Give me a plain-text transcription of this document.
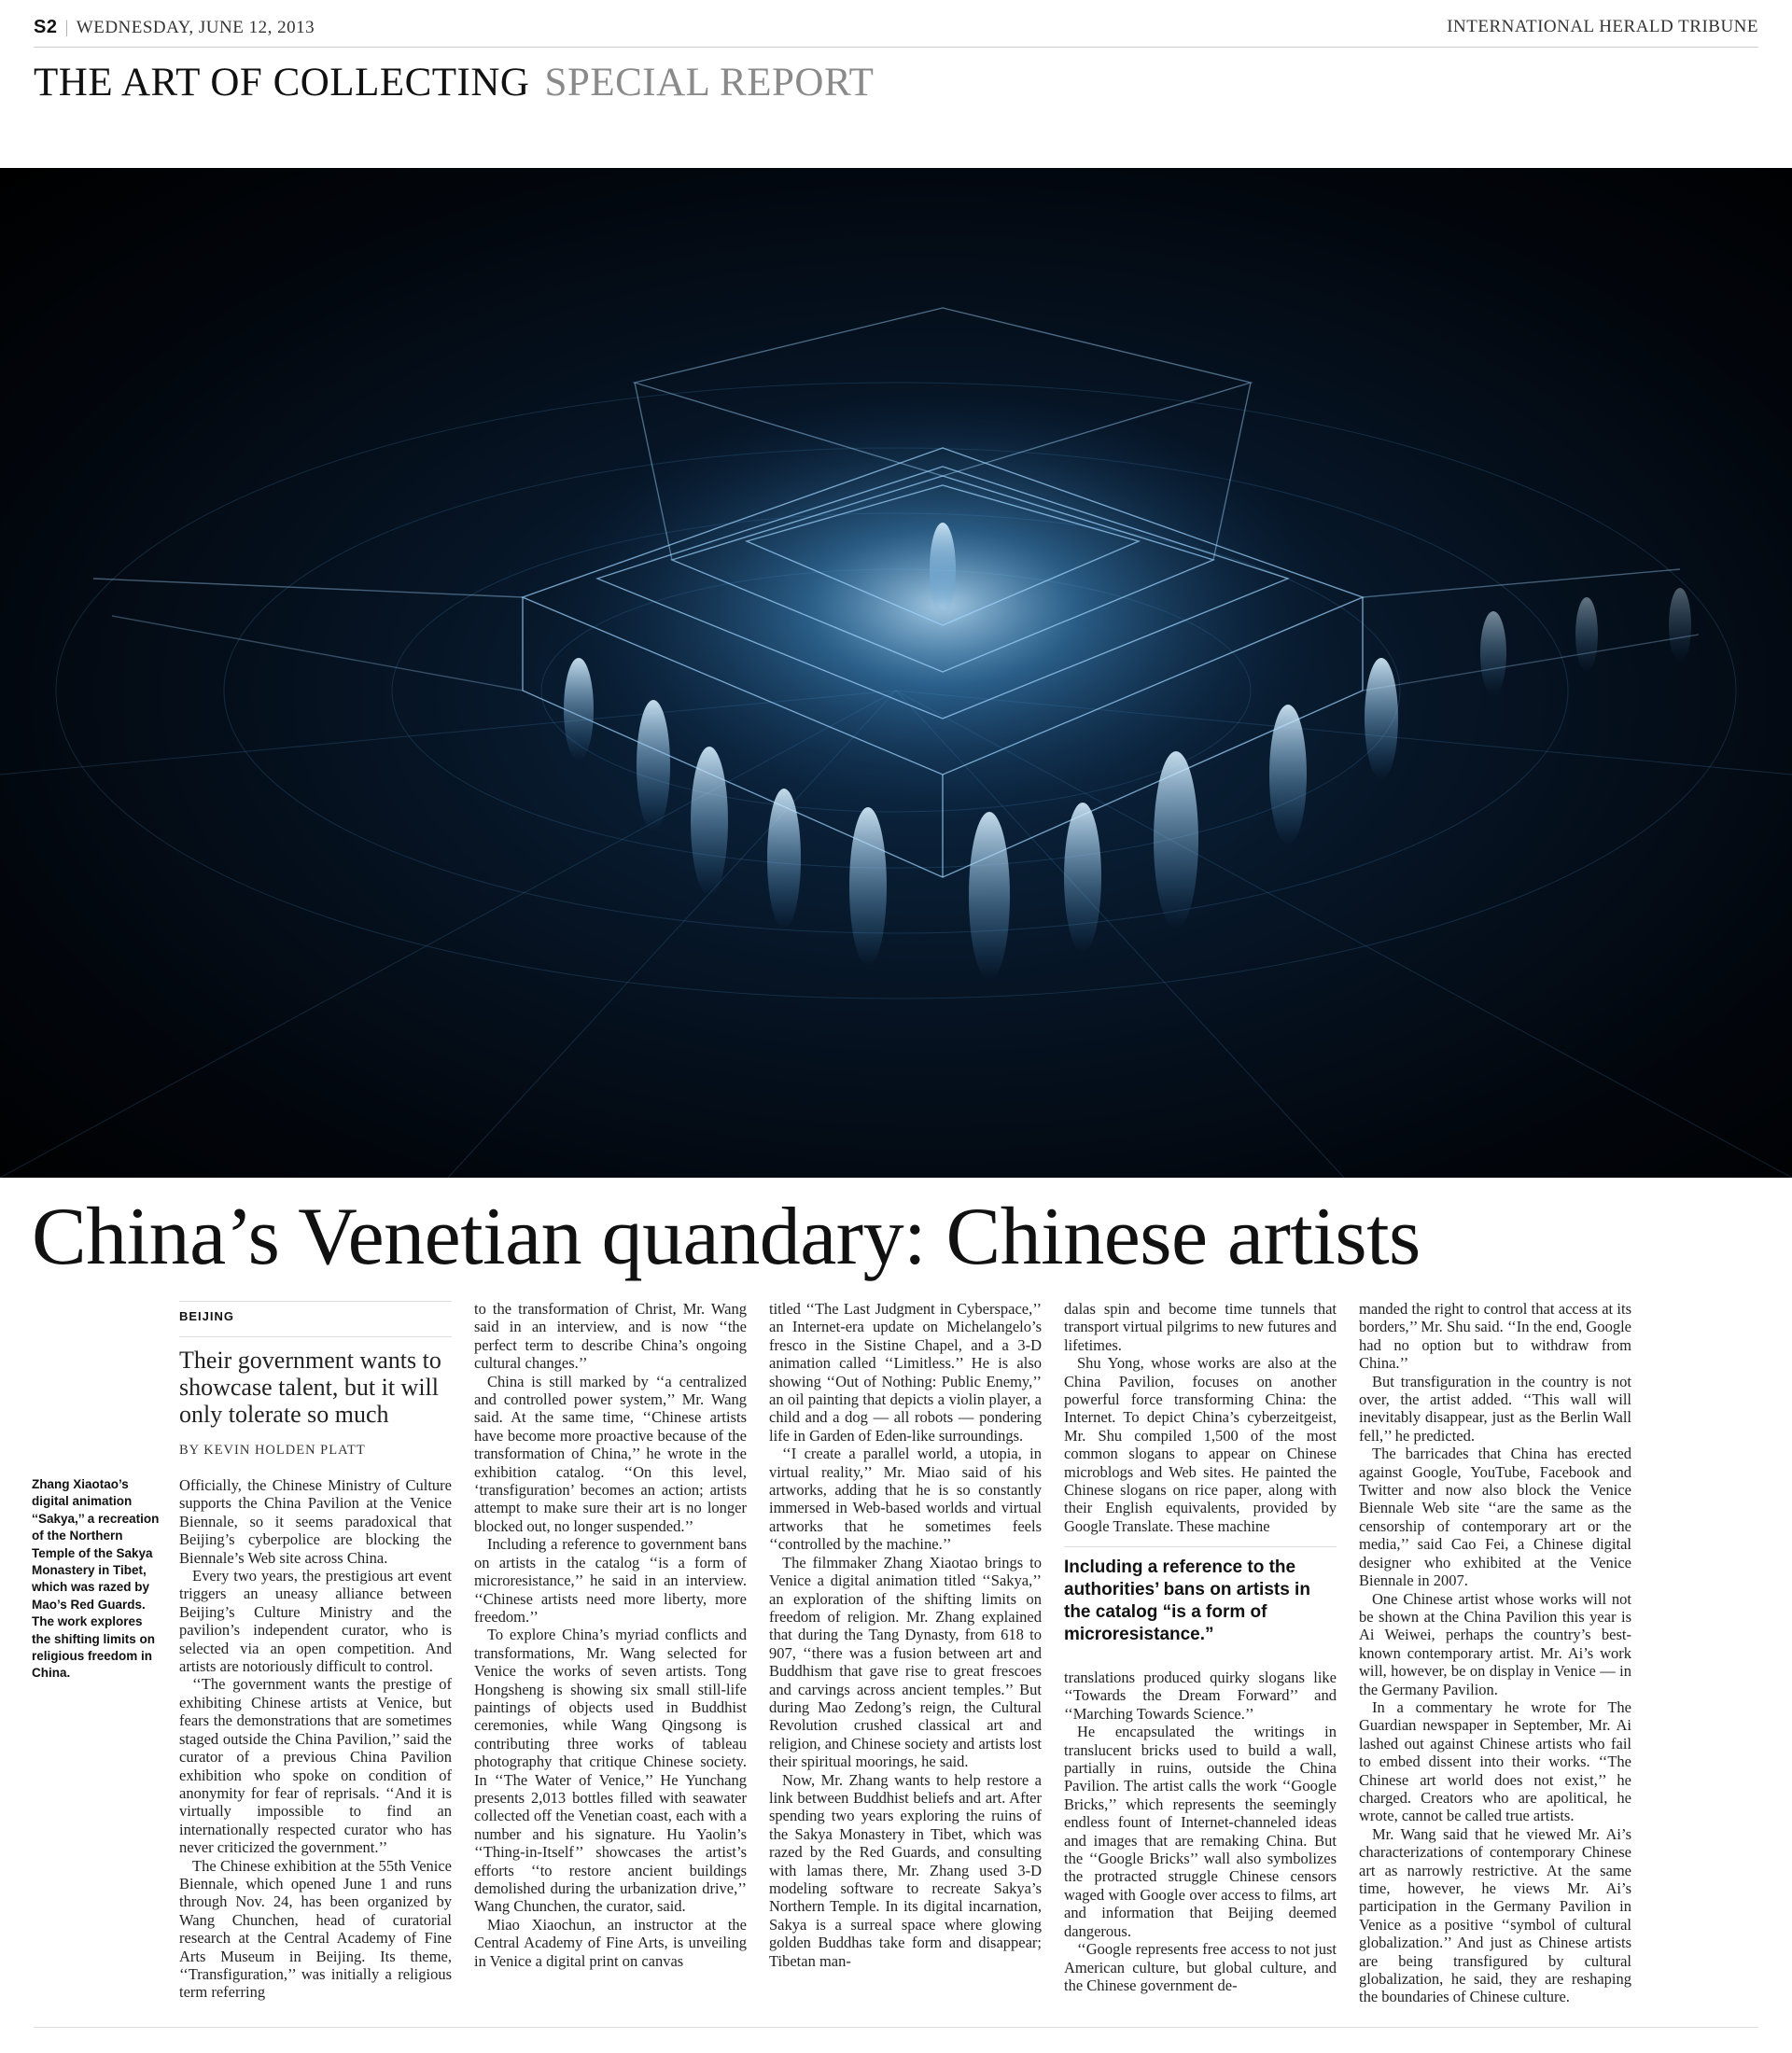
S2 | WEDNESDAY, JUNE 12, 2013	INTERNATIONAL HERALD TRIBUNE
THE ART OF COLLECTING SPECIAL REPORT
China’s Venetian quandary: Chinese artists
BEIJING
Their government wants to showcase talent, but it will only tolerate so much
BY KEVIN HOLDEN PLATT
Zhang Xiaotao’s digital animation ‘‘Sakya,’’ a recreation of the Northern Temple of the Sakya Monastery in Tibet, which was razed by Mao’s Red Guards. The work explores the shifting limits on religious freedom in China.

Officially, the Chinese Ministry of Culture supports the China Pavilion at the Venice Biennale, so it seems paradoxical that Beijing’s cyberpolice are blocking the Biennale’s Web site across China.

Every two years, the prestigious art event triggers an uneasy alliance between Beijing’s Culture Ministry and the pavilion’s independent curator, who is selected via an open competition. And artists are notoriously difficult to control.

‘‘The government wants the prestige of exhibiting Chinese artists at Venice, but fears the demonstrations that are sometimes staged outside the China Pavilion,’’ said the curator of a previous China Pavilion exhibition who spoke on condition of anonymity for fear of reprisals. ‘‘And it is virtually impossible to find an internationally respected curator who has never criticized the government.’’

The Chinese exhibition at the 55th Venice Biennale, which opened June 1 and runs through Nov. 24, has been organized by Wang Chunchen, head of curatorial research at the Central Academy of Fine Arts Museum in Beijing. Its theme, ‘‘Transfiguration,’’ was initially a religious term referring

to the transformation of Christ, Mr. Wang said in an interview, and is now ‘‘the perfect term to describe China’s ongoing cultural changes.’’

China is still marked by ‘‘a centralized and controlled power system,’’ Mr. Wang said. At the same time, ‘‘Chinese artists have become more proactive because of the transformation of China,’’ he wrote in the exhibition catalog. ‘‘On this level, ‘transfiguration’ becomes an action; artists attempt to make sure their art is no longer blocked out, no longer suspended.’’

Including a reference to government bans on artists in the catalog ‘‘is a form of microresistance,’’ he said in an interview. ‘‘Chinese artists need more liberty, more freedom.’’

To explore China’s myriad conflicts and transformations, Mr. Wang selected for Venice the works of seven artists. Tong Hongsheng is showing six small still-life paintings of objects used in Buddhist ceremonies, while Wang Qingsong is contributing three works of tableau photography that critique Chinese society. In ‘‘The Water of Venice,’’ He Yunchang presents 2,013 bottles filled with seawater collected off the Venetian coast, each with a number and his signature. Hu Yaolin’s ‘‘Thing-in-Itself’’ showcases the artist’s efforts ‘‘to restore ancient buildings demolished during the urbanization drive,’’ Wang Chunchen, the curator, said.

Miao Xiaochun, an instructor at the Central Academy of Fine Arts, is unveiling in Venice a digital print on canvas

titled ‘‘The Last Judgment in Cyberspace,’’ an Internet-era update on Michelangelo’s fresco in the Sistine Chapel, and a 3-D animation called ‘‘Limitless.’’ He is also showing ‘‘Out of Nothing: Public Enemy,’’ an oil painting that depicts a violin player, a child and a dog — all robots — pondering life in Garden of Eden-like surroundings.

‘‘I create a parallel world, a utopia, in virtual reality,’’ Mr. Miao said of his artworks, adding that he is so constantly immersed in Web-based worlds and virtual artworks that he sometimes feels ‘‘controlled by the machine.’’

The filmmaker Zhang Xiaotao brings to Venice a digital animation titled ‘‘Sakya,’’ an exploration of the shifting limits on freedom of religion. Mr. Zhang explained that during the Tang Dynasty, from 618 to 907, ‘‘there was a fusion between art and Buddhism that gave rise to great frescoes and carvings across ancient temples.’’ But during Mao Zedong’s reign, the Cultural Revolution crushed classical art and religion, and Chinese society and artists lost their spiritual moorings, he said.

Now, Mr. Zhang wants to help restore a link between Buddhist beliefs and art. After spending two years exploring the ruins of the Sakya Monastery in Tibet, which was razed by the Red Guards, and consulting with lamas there, Mr. Zhang used 3-D modeling software to recreate Sakya’s Northern Temple. In its digital incarnation, Sakya is a surreal space where glowing golden Buddhas take form and disappear; Tibetan man-

dalas spin and become time tunnels that transport virtual pilgrims to new futures and lifetimes.

Shu Yong, whose works are also at the China Pavilion, focuses on another powerful force transforming China: the Internet. To depict China’s cyberzeitgeist, Mr. Shu compiled 1,500 of the most common slogans to appear on Chinese microblogs and Web sites. He painted the Chinese slogans on rice paper, along with their English equivalents, provided by Google Translate. These machine

Including a reference to the authorities’ bans on artists in the catalog “is a form of microresistance.”

translations produced quirky slogans like ‘‘Towards the Dream Forward’’ and ‘‘Marching Towards Science.’’

He encapsulated the writings in translucent bricks used to build a wall, partially in ruins, outside the China Pavilion. The artist calls the work ‘‘Google Bricks,’’ which represents the seemingly endless fount of Internet-channeled ideas and images that are remaking China. But the ‘‘Google Bricks’’ wall also symbolizes the protracted struggle Chinese censors waged with Google over access to films, art and information that Beijing deemed dangerous.

‘‘Google represents free access to not just American culture, but global culture, and the Chinese government de-

manded the right to control that access at its borders,’’ Mr. Shu said. ‘‘In the end, Google had no option but to withdraw from China.’’

But transfiguration in the country is not over, the artist added. ‘‘This wall will inevitably disappear, just as the Berlin Wall fell,’’ he predicted.

The barricades that China has erected against Google, YouTube, Facebook and Twitter and now also block the Venice Biennale Web site ‘‘are the same as the censorship of contemporary art or the media,’’ said Cao Fei, a Chinese digital designer who exhibited at the Venice Biennale in 2007.

One Chinese artist whose works will not be shown at the China Pavilion this year is Ai Weiwei, perhaps the country’s best-known contemporary artist. Mr. Ai’s work will, however, be on display in Venice — in the Germany Pavilion.

In a commentary he wrote for The Guardian newspaper in September, Mr. Ai lashed out against Chinese artists who fail to embed dissent into their works. ‘‘The Chinese art world does not exist,’’ he charged. Creators who are apolitical, he wrote, cannot be called true artists.

Mr. Wang said that he viewed Mr. Ai’s characterizations of contemporary Chinese art as narrowly restrictive. At the same time, however, he views Mr. Ai’s participation in the Germany Pavilion in Venice as a positive ‘‘symbol of cultural globalization.’’ And just as Chinese artists are being transfigured by cultural globalization, he said, they are reshaping the boundaries of Chinese culture.
